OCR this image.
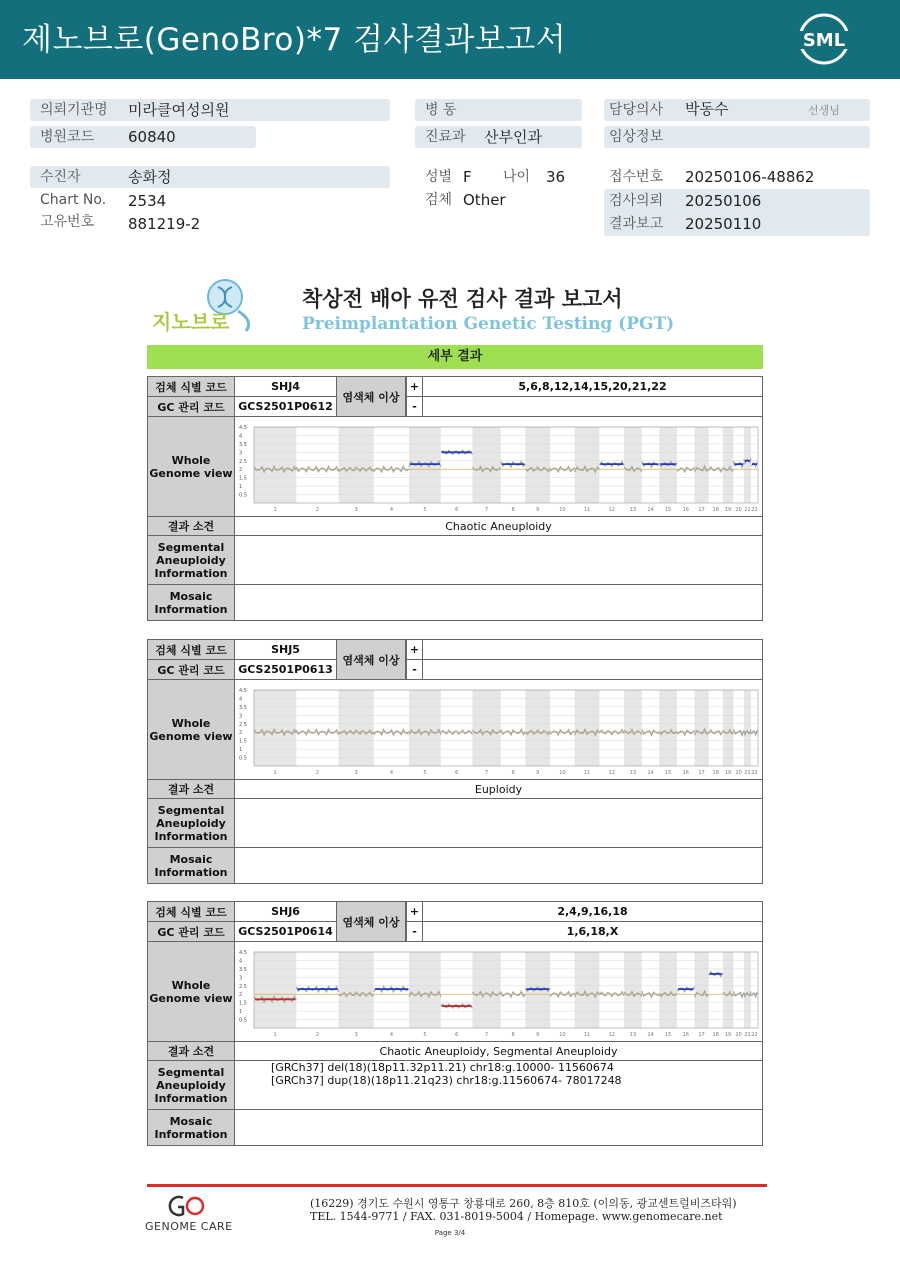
제노브로(GenoBro)*7 검사결과보고서	SML
의뢰기관명 미라클여성의원	병 동	담당의사 박동수	선생님
병원코드 60840	진료과 산부인과	임상정보
수진자	송화정	성별 F 나이 36	접수번호 20250106-48862
Chart No. 2534	검체 Other	검사의뢰 20250106
고유번호 881219-2	결과보고 20250110
지노브로
착상전 배아 유전 검사 결과 보고서
Preimplantation Genetic Testing (PGT)
세부 결과
검체 식별 코드	SHJ4	+	5,6,8,12,14,15,20,21,22
GC 관리 코드	GCS2501P0612	-
염색체 이상
Whole Genome view
4.5
4
3.5
3
2.5
2
1.5
1
0.5
1	2	3	4	5	6	7	8	9	10	11	12	13 14 15 16 17 18 19 20 21 22
결과 소견	Chaotic Aneuploidy
Segmental Aneuploidy Information
Mosaic Information
검체 식별 코드	SHJ5	+
GC 관리 코드	GCS2501P0613	-
염색체 이상
Whole Genome view
4.5
4
3.5
3
2.5
2
1.5
1
0.5
1	2	3	4	5	6	7	8	9	10	11	12	13 14 15 16 17 18 19 20 21 22
결과 소견	Euploidy
Segmental Aneuploidy Information
Mosaic Information
검체 식별 코드	SHJ6	+	2,4,9,16,18
GC 관리 코드	GCS2501P0614	-	1,6,18,X
염색체 이상
Whole Genome view
4.5
4
3.5
3
2.5
2
1.5
1
0.5
1	2	3	4	5	6	7	8	9	10	11	12	13 14 15 16 17 18 19 20 21 22
결과 소견	Chaotic Aneuploidy, Segmental Aneuploidy
Segmental Aneuploidy Information
[GRCh37] del(18)(18p11.32p11.21) chr18:g.10000- 11560674
[GRCh37] dup(18)(18p11.21q23) chr18:g.11560674- 78017248
Mosaic Information
GENOME CARE
(16229) 경기도 수원시 영통구 창룡대로 260, 8층 810호 (이의동, 광교센트럴비즈타워)
TEL. 1544-9771 / FAX. 031-8019-5004 / Homepage. www.genomecare.net
Page 3/4
